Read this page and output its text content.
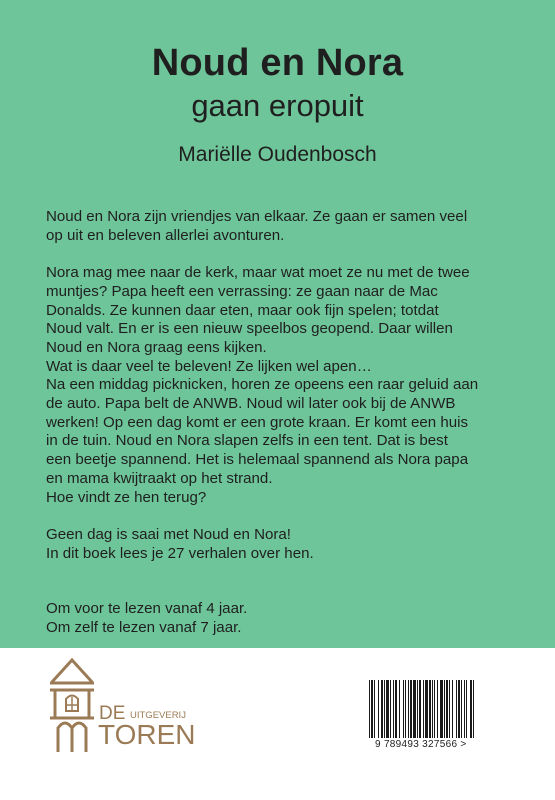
Noud en Nora
gaan eropuit
Mariëlle Oudenbosch
Noud en Nora zijn vriendjes van elkaar. Ze gaan er samen veel
op uit en beleven allerlei avonturen.
Nora mag mee naar de kerk, maar wat moet ze nu met de twee
muntjes? Papa heeft een verrassing: ze gaan naar de Mac
Donalds. Ze kunnen daar eten, maar ook fijn spelen; totdat
Noud valt. En er is een nieuw speelbos geopend. Daar willen
Noud en Nora graag eens kijken.
Wat is daar veel te beleven! Ze lijken wel apen…
Na een middag picknicken, horen ze opeens een raar geluid aan
de auto. Papa belt de ANWB. Noud wil later ook bij de ANWB
werken! Op een dag komt er een grote kraan. Er komt een huis
in de tuin. Noud en Nora slapen zelfs in een tent. Dat is best
een beetje spannend. Het is helemaal spannend als Nora papa
en mama kwijtraakt op het strand.
Hoe vindt ze hen terug?
Geen dag is saai met Noud en Nora!
In dit boek lees je 27 verhalen over hen.
Om voor te lezen vanaf 4 jaar.
Om zelf te lezen vanaf 7 jaar.
DE UITGEVERIJ
TOREN	9 789493 327566 >
